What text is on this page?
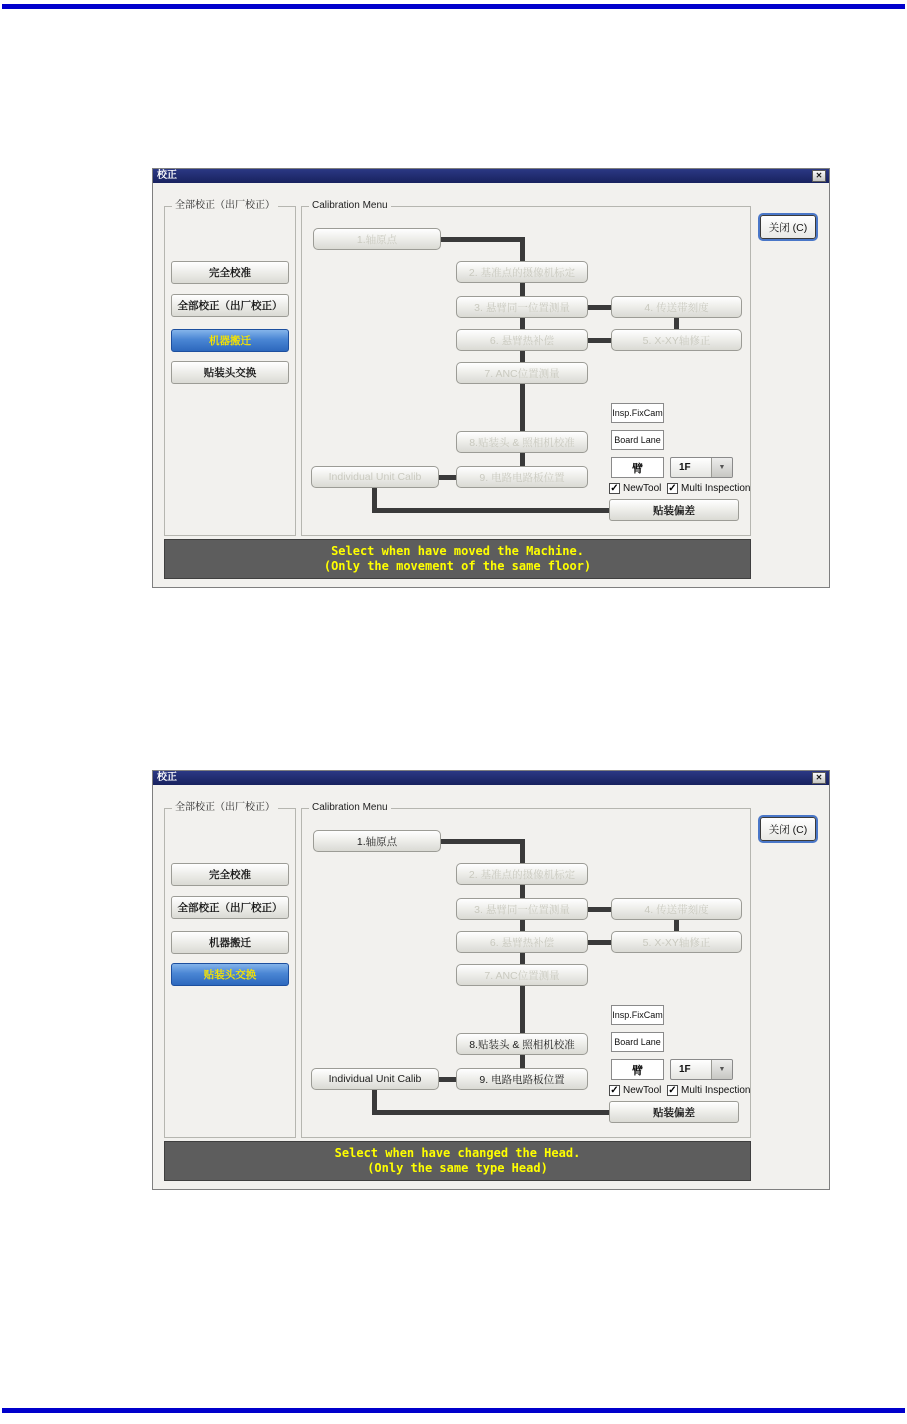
校正	✕
关闭 (C)
全部校正（出厂校正）
完全校准
全部校正（出厂校正）
机器搬迁
贴装头交换
Calibration Menu
1.轴原点
2. 基准点的摄像机标定
3. 悬臂同一位置测量	4. 传送带刻度
6. 悬臂热补偿	5. X-XY轴修正
7. ANC位置测量
8.贴装头 & 照相机校准
Individual Unit Calib	9. 电路电路板位置
贴装偏差
Insp.FixCam
Board Lane
臂	1F	▼
✓ NewTool ✓ Multi Inspection
Select when have moved the Machine.
(Only the movement of the same floor)
校正	✕
关闭 (C)
全部校正（出厂校正）
完全校准
全部校正（出厂校正）
机器搬迁
贴装头交换
Calibration Menu
1.轴原点
2. 基准点的摄像机标定
3. 悬臂同一位置测量	4. 传送带刻度
6. 悬臂热补偿	5. X-XY轴修正
7. ANC位置测量
8.贴装头 & 照相机校准
Individual Unit Calib	9. 电路电路板位置
贴装偏差
Insp.FixCam
Board Lane
臂	1F	▼
✓ NewTool ✓ Multi Inspection
Select when have changed the Head.
(Only the same type Head)
